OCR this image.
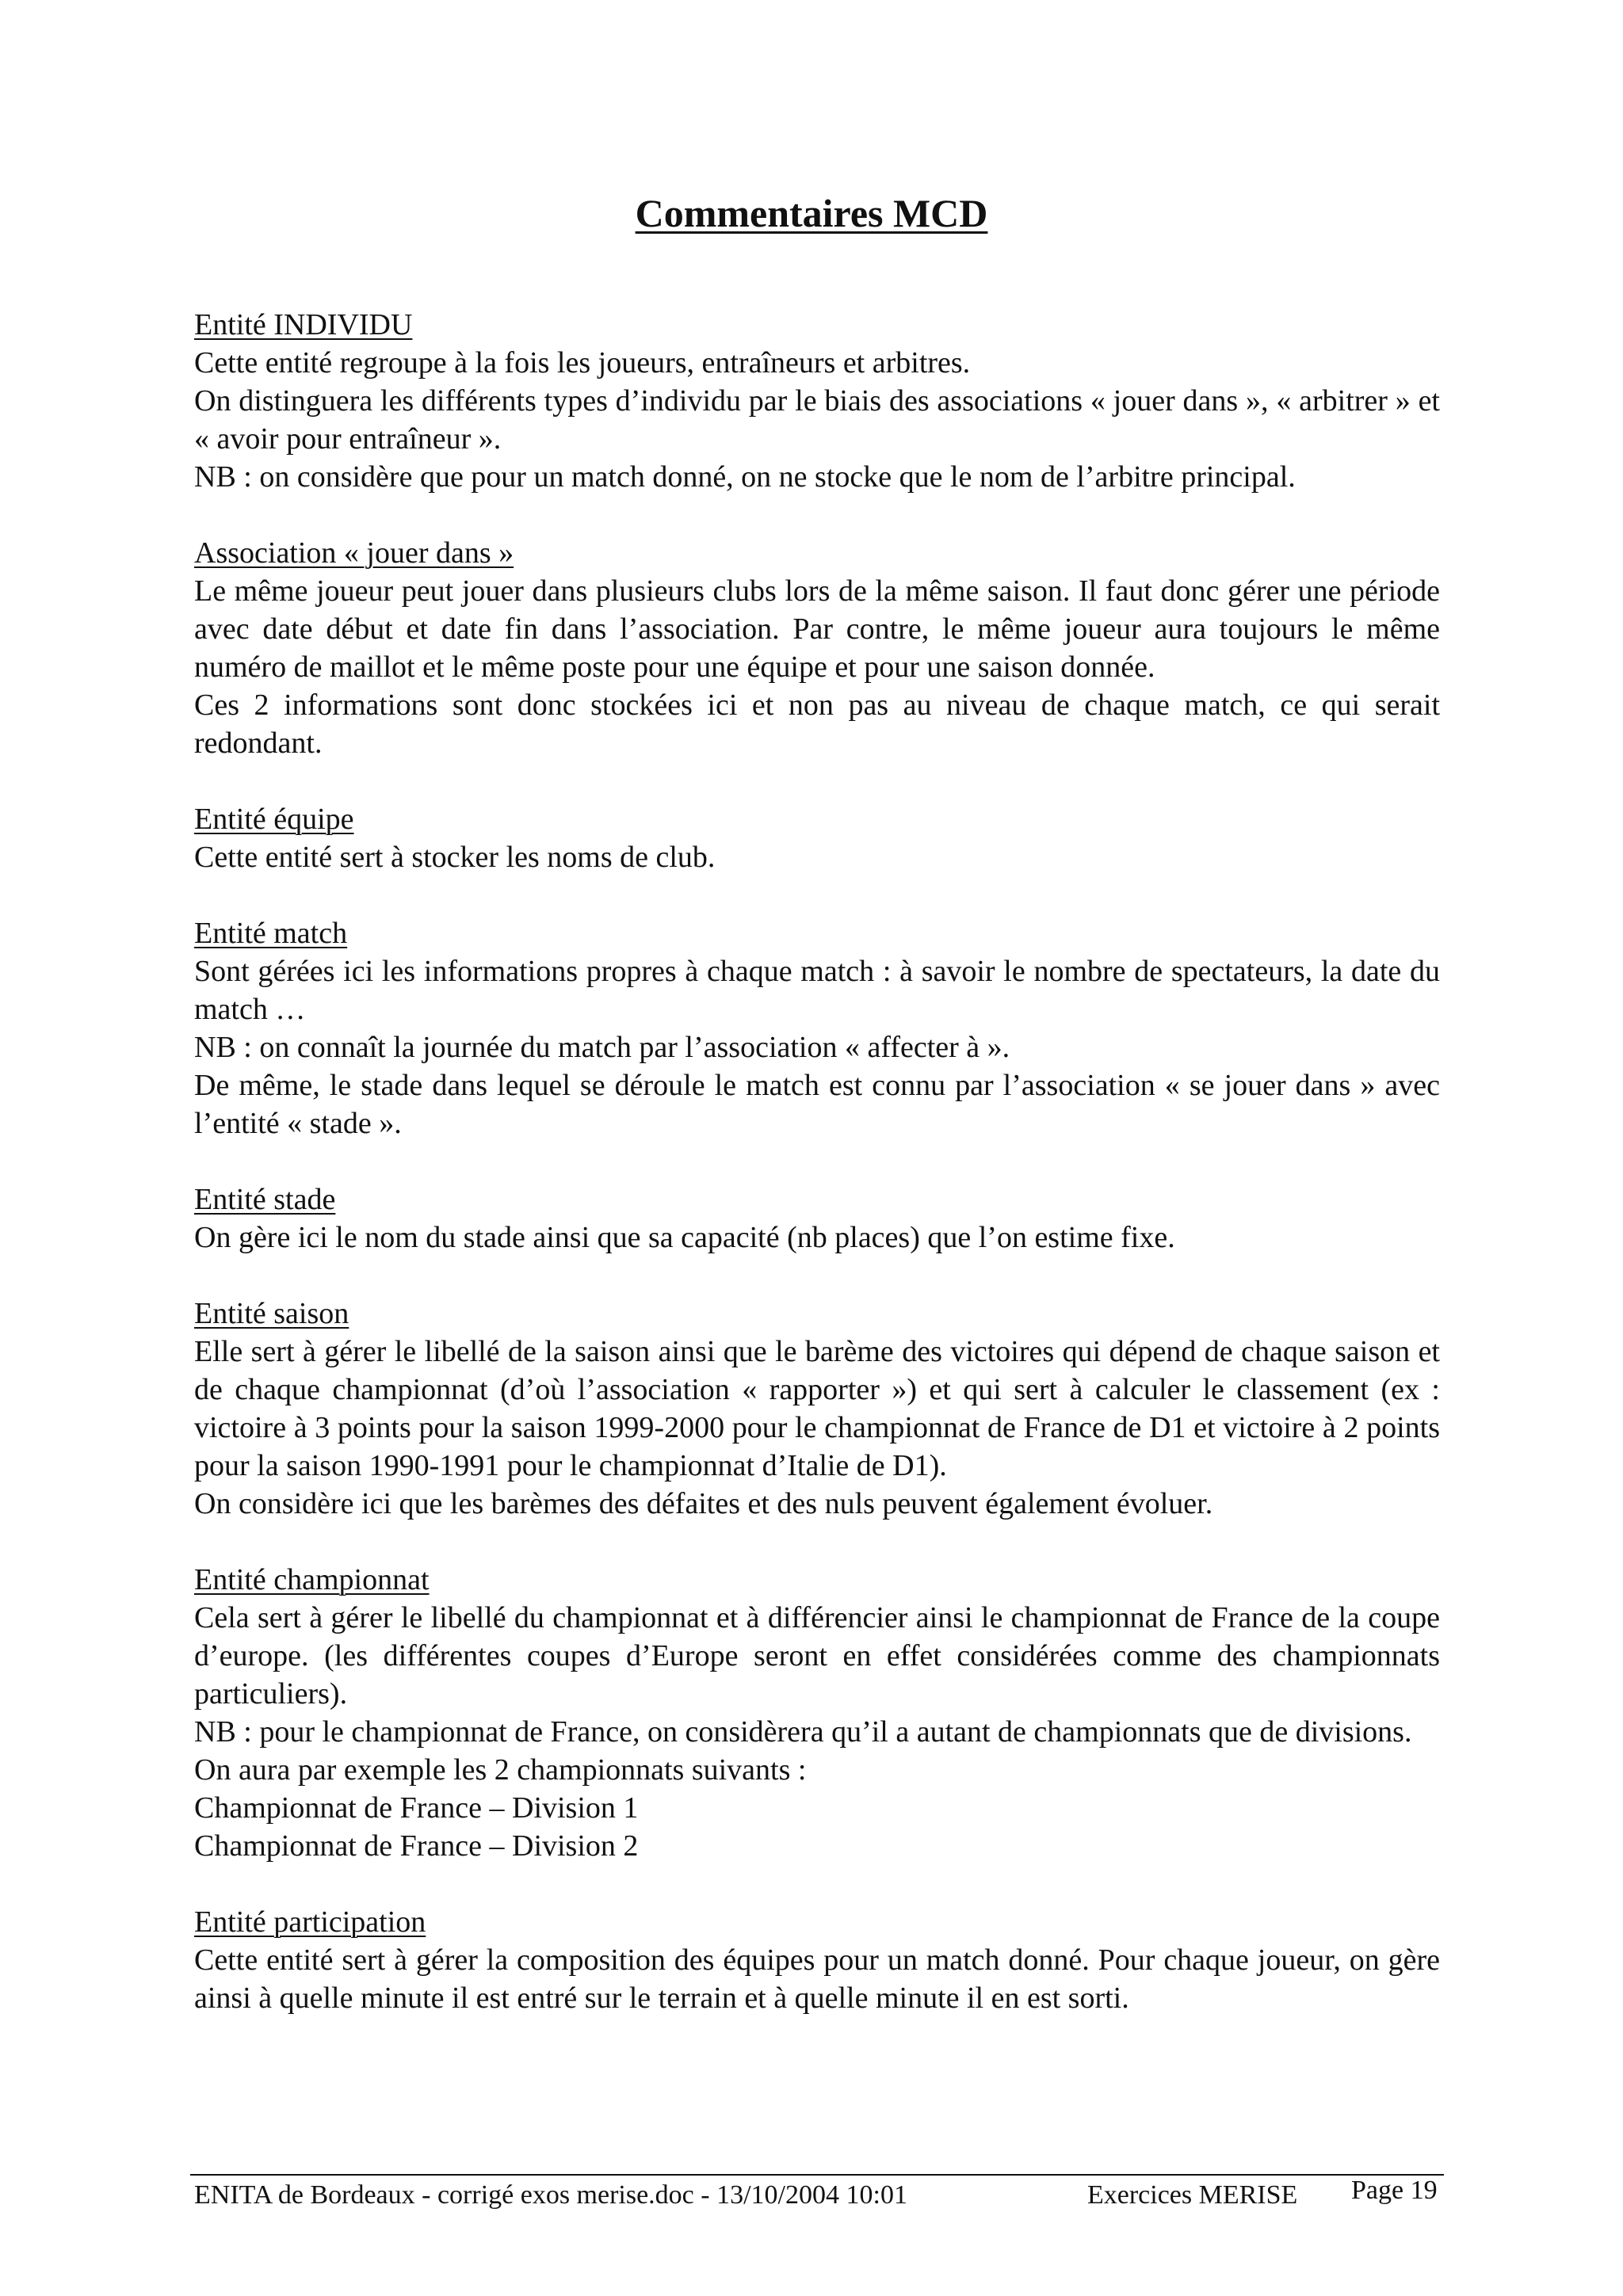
Commentaires MCD

Entité INDIVIDU

Cette entité regroupe à la fois les joueurs, entraîneurs et arbitres.

On distinguera les différents types d’individu par le biais des associations « jouer dans », « arbitrer » et « avoir pour entraîneur ».

NB : on considère que pour un match donné, on ne stocke que le nom de l’arbitre principal.

Association « jouer dans »

Le même joueur peut jouer dans plusieurs clubs lors de la même saison. Il faut donc gérer une période avec date début et date fin dans l’association. Par contre, le même joueur aura toujours le même numéro de maillot et le même poste pour une équipe et pour une saison donnée.

Ces 2 informations sont donc stockées ici et non pas au niveau de chaque match, ce qui serait redondant.

Entité équipe

Cette entité sert à stocker les noms de club.

Entité match

Sont gérées ici les informations propres à chaque match : à savoir le nombre de spectateurs, la date du match …

NB : on connaît la journée du match par l’association « affecter à ».

De même, le stade dans lequel se déroule le match est connu par l’association « se jouer dans » avec l’entité « stade ».

Entité stade

On gère ici le nom du stade ainsi que sa capacité (nb places) que l’on estime fixe.

Entité saison

Elle sert à gérer le libellé de la saison ainsi que le barème des victoires qui dépend de chaque saison et de chaque championnat (d’où l’association « rapporter ») et qui sert à calculer le classement (ex : victoire à 3 points pour la saison 1999-2000 pour le championnat de France de D1 et victoire à 2 points pour la saison 1990-1991 pour le championnat d’Italie de D1).

On considère ici que les barèmes des défaites et des nuls peuvent également évoluer.

Entité championnat

Cela sert à gérer le libellé du championnat et à différencier ainsi le championnat de France de la coupe d’europe. (les différentes coupes d’Europe seront en effet considérées comme des championnats particuliers).

NB : pour le championnat de France, on considèrera qu’il a autant de championnats que de divisions.

On aura par exemple les 2 championnats suivants :

Championnat de France – Division 1

Championnat de France – Division 2

Entité participation

Cette entité sert à gérer la composition des équipes pour un match donné. Pour chaque joueur, on gère ainsi à quelle minute il est entré sur le terrain et à quelle minute il en est sorti.

ENITA de Bordeaux - corrigé exos merise.doc - 13/10/2004 10:01	Exercices MERISE Page 19
